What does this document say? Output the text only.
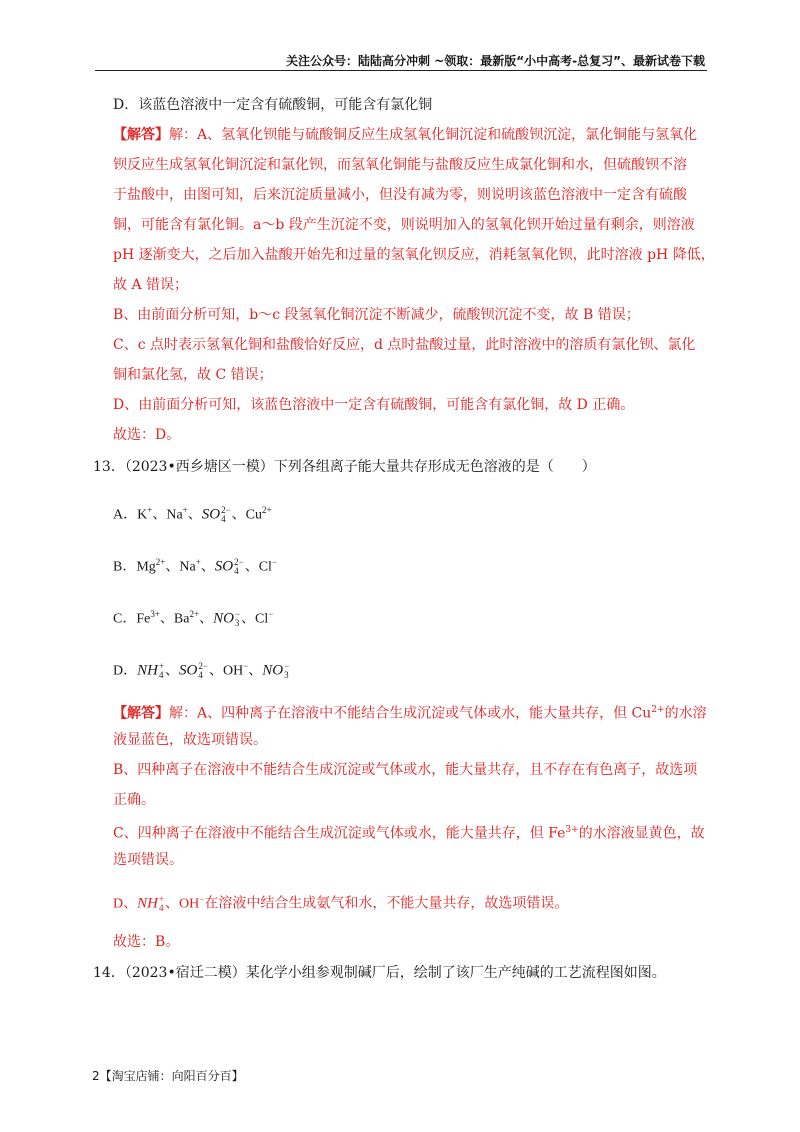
关注公众号：陆陆高分冲刺 ~领取：最新版“小中高考-总复习”、最新试卷下载
D．该蓝色溶液中一定含有硫酸铜，可能含有氯化铜
【解答】解：A、氢氧化钡能与硫酸铜反应生成氢氧化铜沉淀和硫酸钡沉淀，氯化铜能与氢氧化
钡反应生成氢氧化铜沉淀和氯化钡，而氢氧化铜能与盐酸反应生成氯化铜和水，但硫酸钡不溶
于盐酸中，由图可知，后来沉淀质量减小，但没有减为零，则说明该蓝色溶液中一定含有硫酸
铜，可能含有氯化铜。a～b 段产生沉淀不变，则说明加入的氢氧化钡开始过量有剩余，则溶液
pH 逐渐变大，之后加入盐酸开始先和过量的氢氧化钡反应，消耗氢氧化钡，此时溶液 pH 降低，
故 A 错误；
B、由前面分析可知，b～c 段氢氧化铜沉淀不断减少，硫酸钡沉淀不变，故 B 错误；
C、c 点时表示氢氧化铜和盐酸恰好反应，d 点时盐酸过量，此时溶液中的溶质有氯化钡、氯化
铜和氯化氢，故 C 错误；
D、由前面分析可知，该蓝色溶液中一定含有硫酸铜，可能含有氯化铜，故 D 正确。
故选：D。
13．（2023•西乡塘区一模）下列各组离子能大量共存形成无色溶液的是（　　）
A．K+、Na+、SO 2−
4 、$Cu^{2+}$
B．$Mg^{2+}$、Na+、SO 2−
4 、Cl−
C．$Fe^{3+}$、$Ba^{2+}$、NO −
3 、Cl−
D．NH +
4 、SO 2−
4 、OH−、NO −
3
【解答】解：A、四种离子在溶液中不能结合生成沉淀或气体或水，能大量共存，但 $Cu^{2+}$的水溶
液显蓝色，故选项错误。
B、四种离子在溶液中不能结合生成沉淀或气体或水，能大量共存，且不存在有色离子，故选项
正确。
C、四种离子在溶液中不能结合生成沉淀或气体或水，能大量共存，但 $Fe^{3+}$的水溶液显黄色，故
选项错误。
D、NH +
4 、OH−在溶液中结合生成氨气和水，不能大量共存，故选项错误。
故选：B。
14．（2023•宿迁二模）某化学小组参观制碱厂后，绘制了该厂生产纯碱的工艺流程图如图。
2【淘宝店铺：向阳百分百】
